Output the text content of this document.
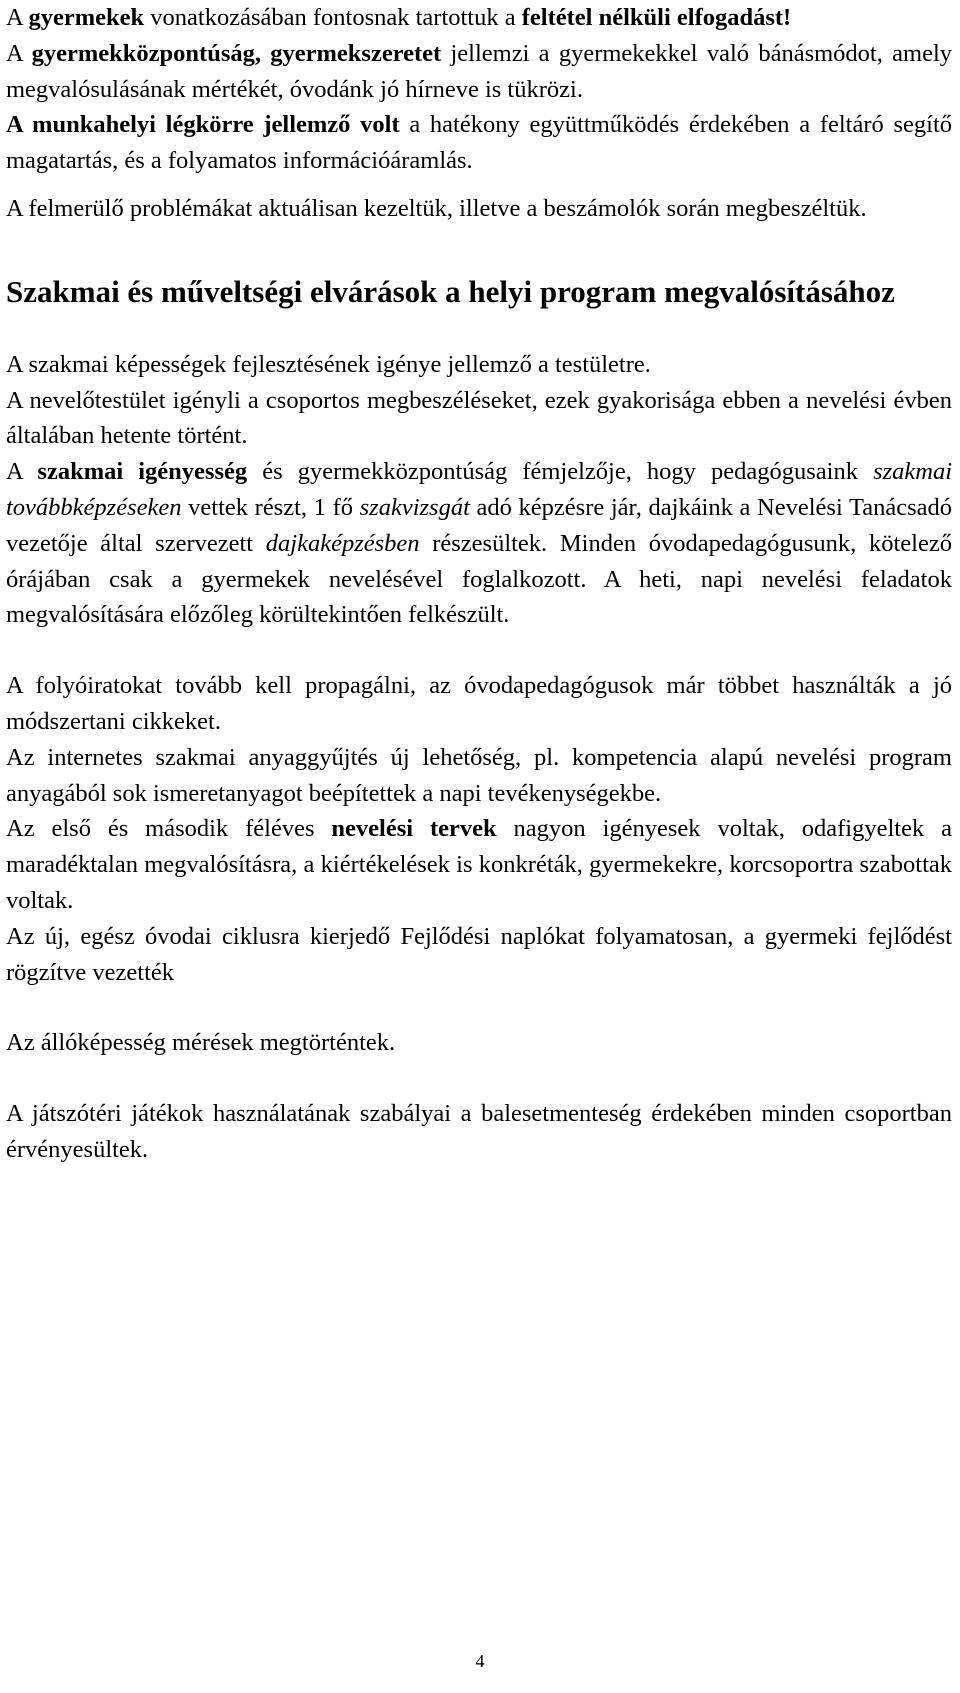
A gyermekek vonatkozásában fontosnak tartottuk a feltétel nélküli elfogadást!

A gyermekközpontúság, gyermekszeretet jellemzi a gyermekekkel való bánásmódot, amely megvalósulásának mértékét, óvodánk jó hírneve is tükrözi.

A munkahelyi légkörre jellemző volt a hatékony együttműködés érdekében a feltáró segítő magatartás, és a folyamatos információáramlás.

A felmerülő problémákat aktuálisan kezeltük, illetve a beszámolók során megbeszéltük.

Szakmai és műveltségi elvárások a helyi program megvalósításához

A szakmai képességek fejlesztésének igénye jellemző a testületre.

A nevelőtestület igényli a csoportos megbeszéléseket, ezek gyakorisága ebben a nevelési évben általában hetente történt.

A szakmai igényesség és gyermekközpontúság fémjelzője, hogy pedagógusaink szakmai továbbképzéseken vettek részt, 1 fő szakvizsgát adó képzésre jár, dajkáink a Nevelési Tanácsadó vezetője által szervezett dajkaképzésben részesültek. Minden óvodapedagógusunk, kötelező órájában csak a gyermekek nevelésével foglalkozott. A heti, napi nevelési feladatok megvalósítására előzőleg körültekintően felkészült.

A folyóiratokat tovább kell propagálni, az óvodapedagógusok már többet használták a jó módszertani cikkeket.

Az internetes szakmai anyaggyűjtés új lehetőség, pl. kompetencia alapú nevelési program anyagából sok ismeretanyagot beépítettek a napi tevékenységekbe.

Az első és második féléves nevelési tervek nagyon igényesek voltak, odafigyeltek a maradéktalan megvalósításra, a kiértékelések is konkréták, gyermekekre, korcsoportra szabottak voltak.

Az új, egész óvodai ciklusra kierjedő Fejlődési naplókat folyamatosan, a gyermeki fejlődést rögzítve vezették

Az állóképesség mérések megtörténtek.

A játszótéri játékok használatának szabályai a balesetmenteség érdekében minden csoportban érvényesültek.

4
